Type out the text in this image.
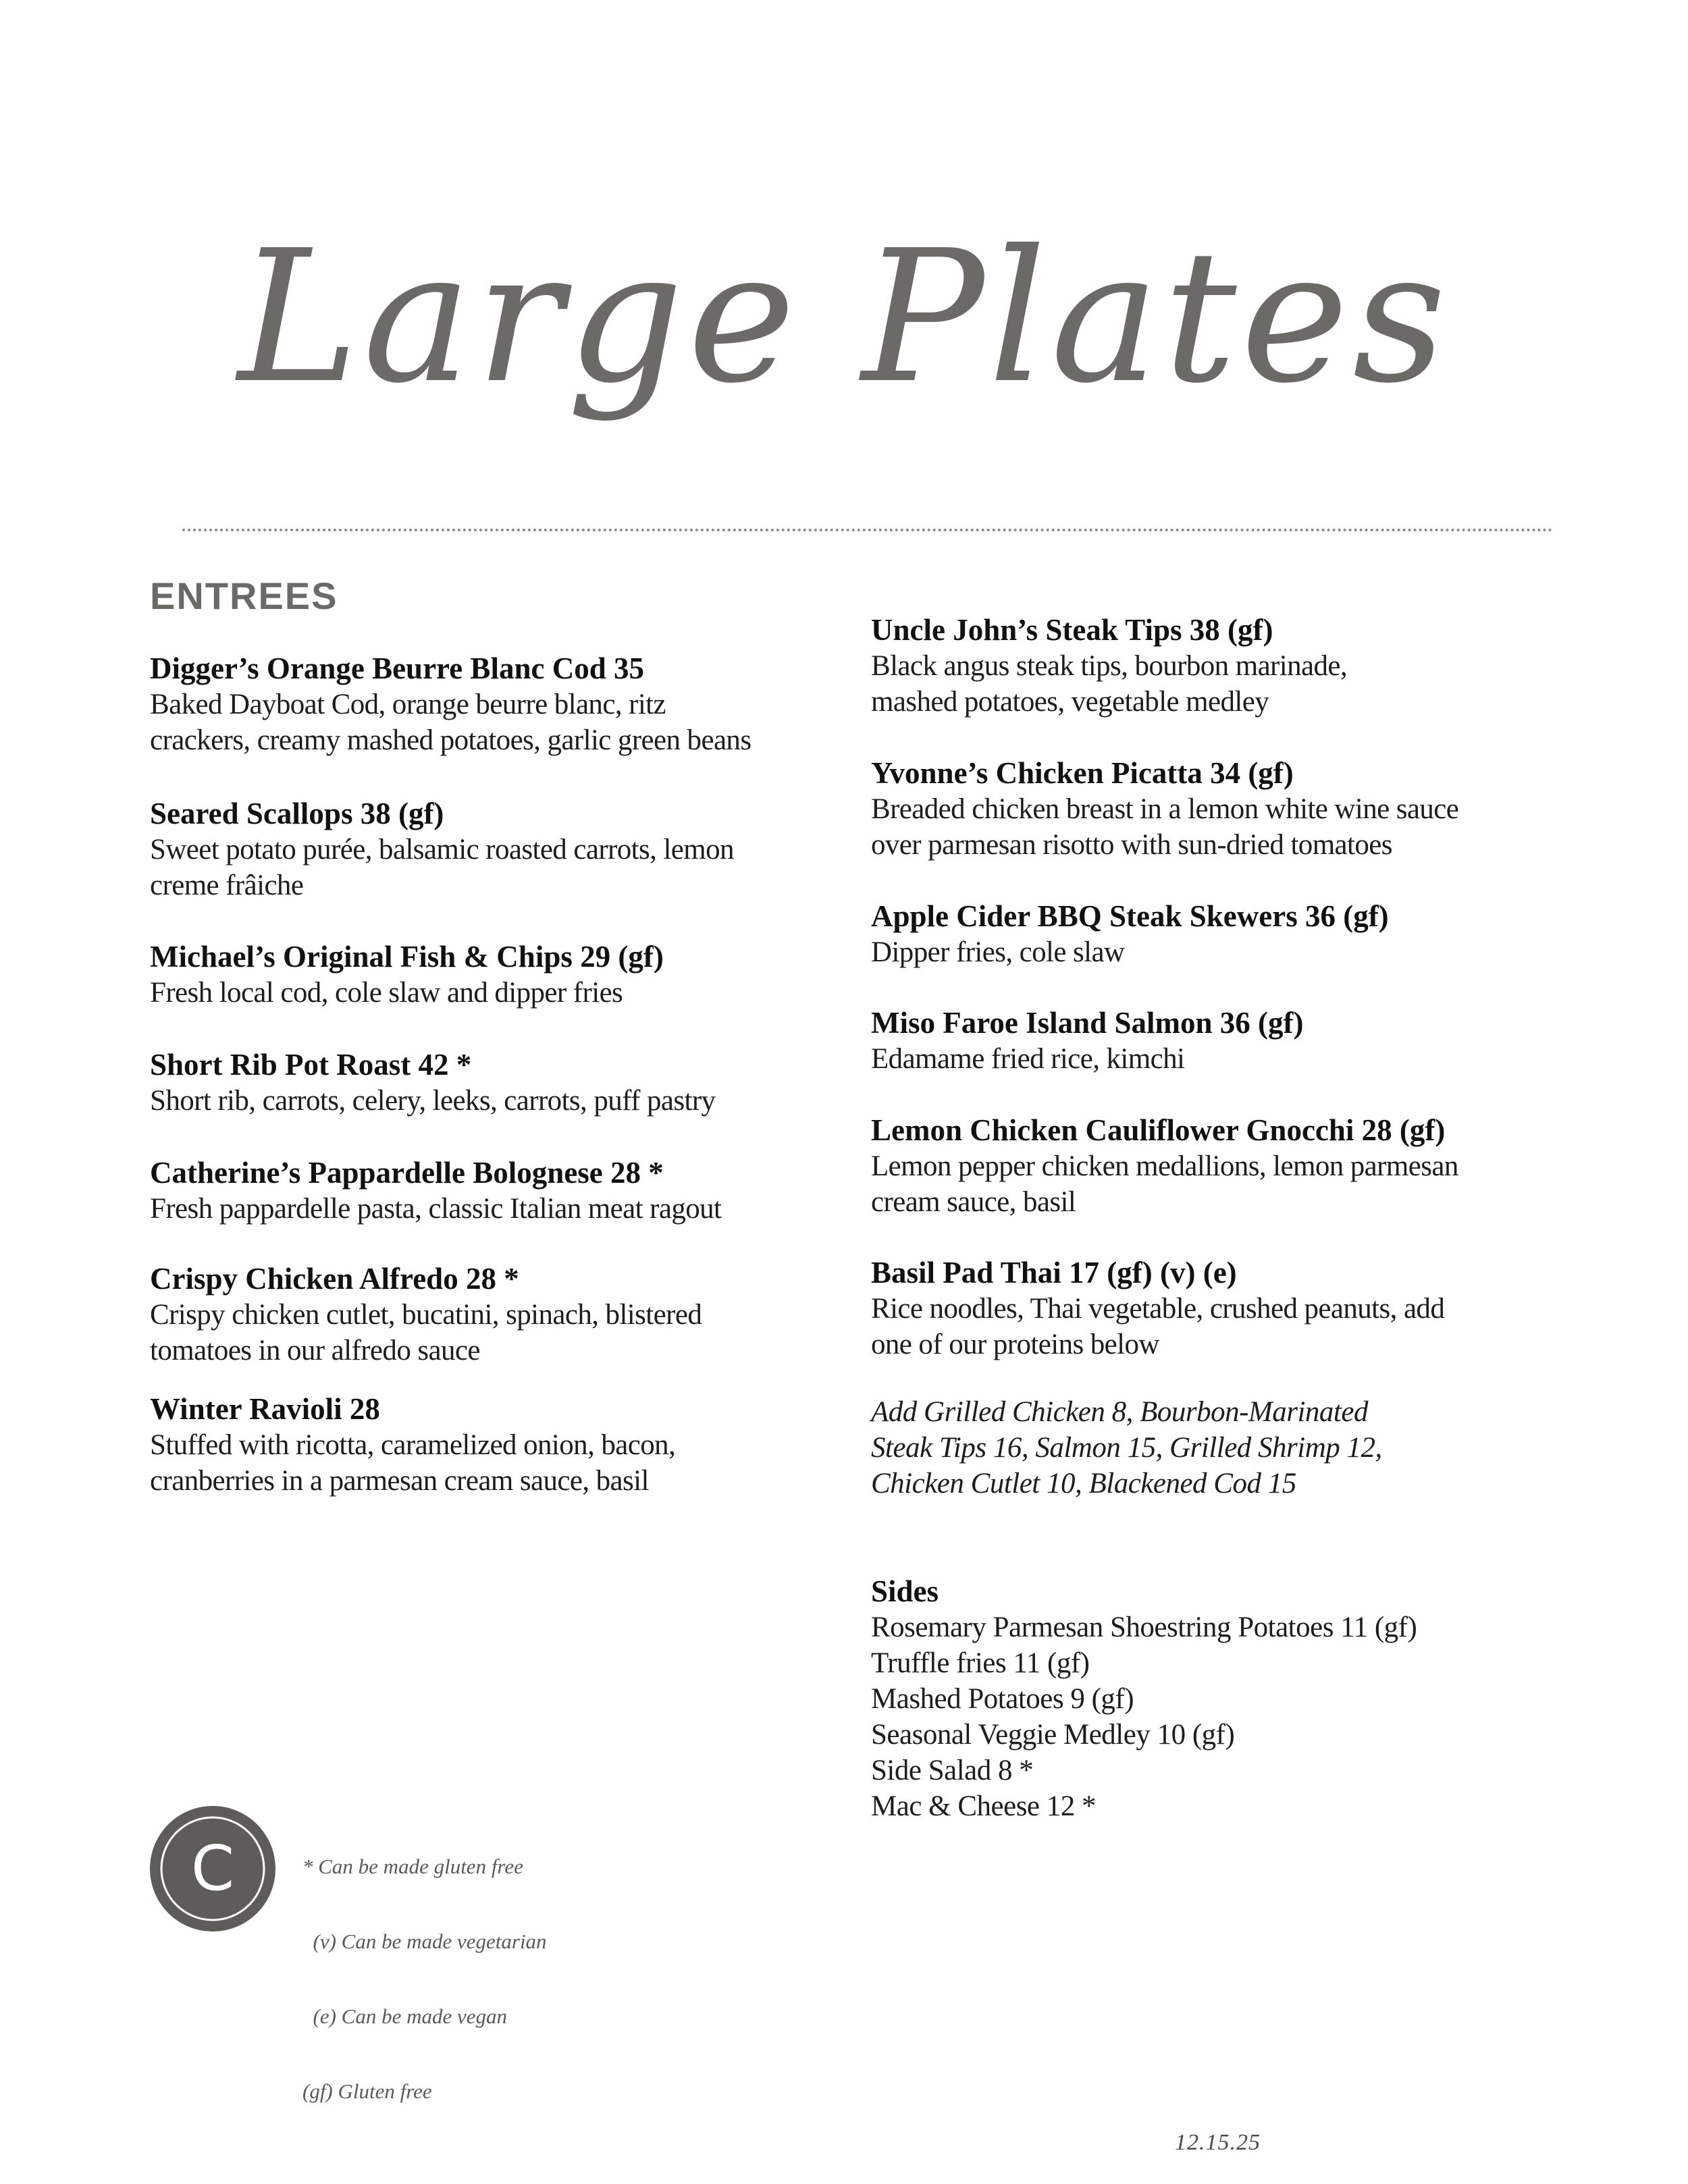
Large Plates
ENTREES
Digger’s Orange Beurre Blanc Cod 35
Baked Dayboat Cod, orange beurre blanc, ritz
crackers, creamy mashed potatoes, garlic green beans
Seared Scallops 38 (gf)
Sweet potato purée, balsamic roasted carrots, lemon
creme frâiche
Michael’s Original Fish & Chips 29 (gf)
Fresh local cod, cole slaw and dipper fries
Short Rib Pot Roast 42 *
Short rib, carrots, celery, leeks, carrots, puff pastry
Catherine’s Pappardelle Bolognese 28 *
Fresh pappardelle pasta, classic Italian meat ragout
Crispy Chicken Alfredo 28 *
Crispy chicken cutlet, bucatini, spinach, blistered
tomatoes in our alfredo sauce
Winter Ravioli 28
Stuffed with ricotta, caramelized onion, bacon,
cranberries in a parmesan cream sauce, basil
Uncle John’s Steak Tips 38 (gf)
Black angus steak tips, bourbon marinade,
mashed potatoes, vegetable medley
Yvonne’s Chicken Picatta 34 (gf)
Breaded chicken breast in a lemon white wine sauce
over parmesan risotto with sun-dried tomatoes
Apple Cider BBQ Steak Skewers 36 (gf)
Dipper fries, cole slaw
Miso Faroe Island Salmon 36 (gf)
Edamame fried rice, kimchi
Lemon Chicken Cauliflower Gnocchi 28 (gf)
Lemon pepper chicken medallions, lemon parmesan
cream sauce, basil
Basil Pad Thai 17 (gf) (v) (e)
Rice noodles, Thai vegetable, crushed peanuts, add
one of our proteins below
Add Grilled Chicken 8, Bourbon-Marinated
Steak Tips 16, Salmon 15, Grilled Shrimp 12,
Chicken Cutlet 10, Blackened Cod 15
Sides
Rosemary Parmesan Shoestring Potatoes 11 (gf)
Truffle fries 11 (gf)
Mashed Potatoes 9 (gf)
Seasonal Veggie Medley 10 (gf)
Side Salad 8 *
Mac & Cheese 12 *
C

	* Can be made gluten free

(v) Can be made vegetarian

(e) Can be made vegan

(gf) Gluten free

12.15.25
